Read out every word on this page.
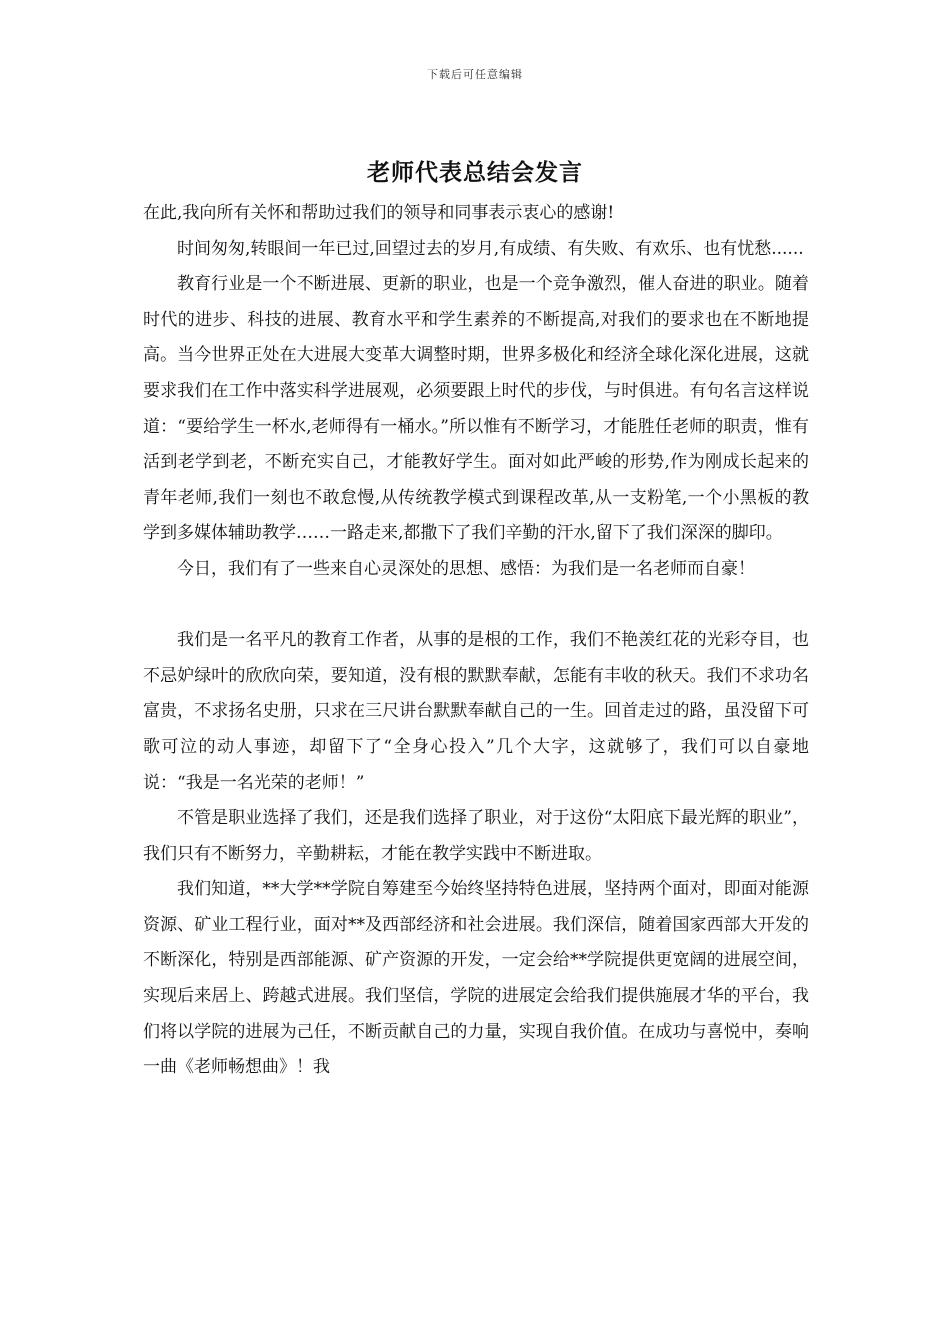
下载后可任意编辑
老师代表总结会发言

在此,我向所有关怀和帮助过我们的领导和同事表示衷心的感谢!

时间匆匆,转眼间一年已过,回望过去的岁月,有成绩、有失败、有欢乐、也有忧愁......

教育行业是一个不断进展、更新的职业，也是一个竞争激烈，催人奋进的职业。随着时代的进步、科技的进展、教育水平和学生素养的不断提高,对我们的要求也在不断地提高。当今世界正处在大进展大变革大调整时期，世界多极化和经济全球化深化进展，这就要求我们在工作中落实科学进展观，必须要跟上时代的步伐，与时俱进。有句名言这样说道：“要给学生一杯水,老师得有一桶水。”所以惟有不断学习，才能胜任老师的职责，惟有活到老学到老，不断充实自己，才能教好学生。面对如此严峻的形势,作为刚成长起来的青年老师,我们一刻也不敢怠慢,从传统教学模式到课程改革,从一支粉笔,一个小黑板的教学到多媒体辅助教学……一路走来,都撒下了我们辛勤的汗水,留下了我们深深的脚印。

今日，我们有了一些来自心灵深处的思想、感悟：为我们是一名老师而自豪！

我们是一名平凡的教育工作者，从事的是根的工作，我们不艳羡红花的光彩夺目，也不忌妒绿叶的欣欣向荣，要知道，没有根的默默奉献，怎能有丰收的秋天。我们不求功名富贵，不求扬名史册，只求在三尺讲台默默奉献自己的一生。回首走过的路，虽没留下可歌可泣的动人事迹，却留下了“全身心投入”几个大字，这就够了，我们可以自豪地说：“我是一名光荣的老师！”

不管是职业选择了我们，还是我们选择了职业，对于这份“太阳底下最光辉的职业”，我们只有不断努力，辛勤耕耘，才能在教学实践中不断进取。

我们知道，**大学**学院自筹建至今始终坚持特色进展，坚持两个面对，即面对能源资源、矿业工程行业，面对**及西部经济和社会进展。我们深信，随着国家西部大开发的不断深化，特别是西部能源、矿产资源的开发，一定会给**学院提供更宽阔的进展空间，实现后来居上、跨越式进展。我们坚信，学院的进展定会给我们提供施展才华的平台，我们将以学院的进展为己任，不断贡献自己的力量，实现自我价值。在成功与喜悦中，奏响一曲《老师畅想曲》！我
